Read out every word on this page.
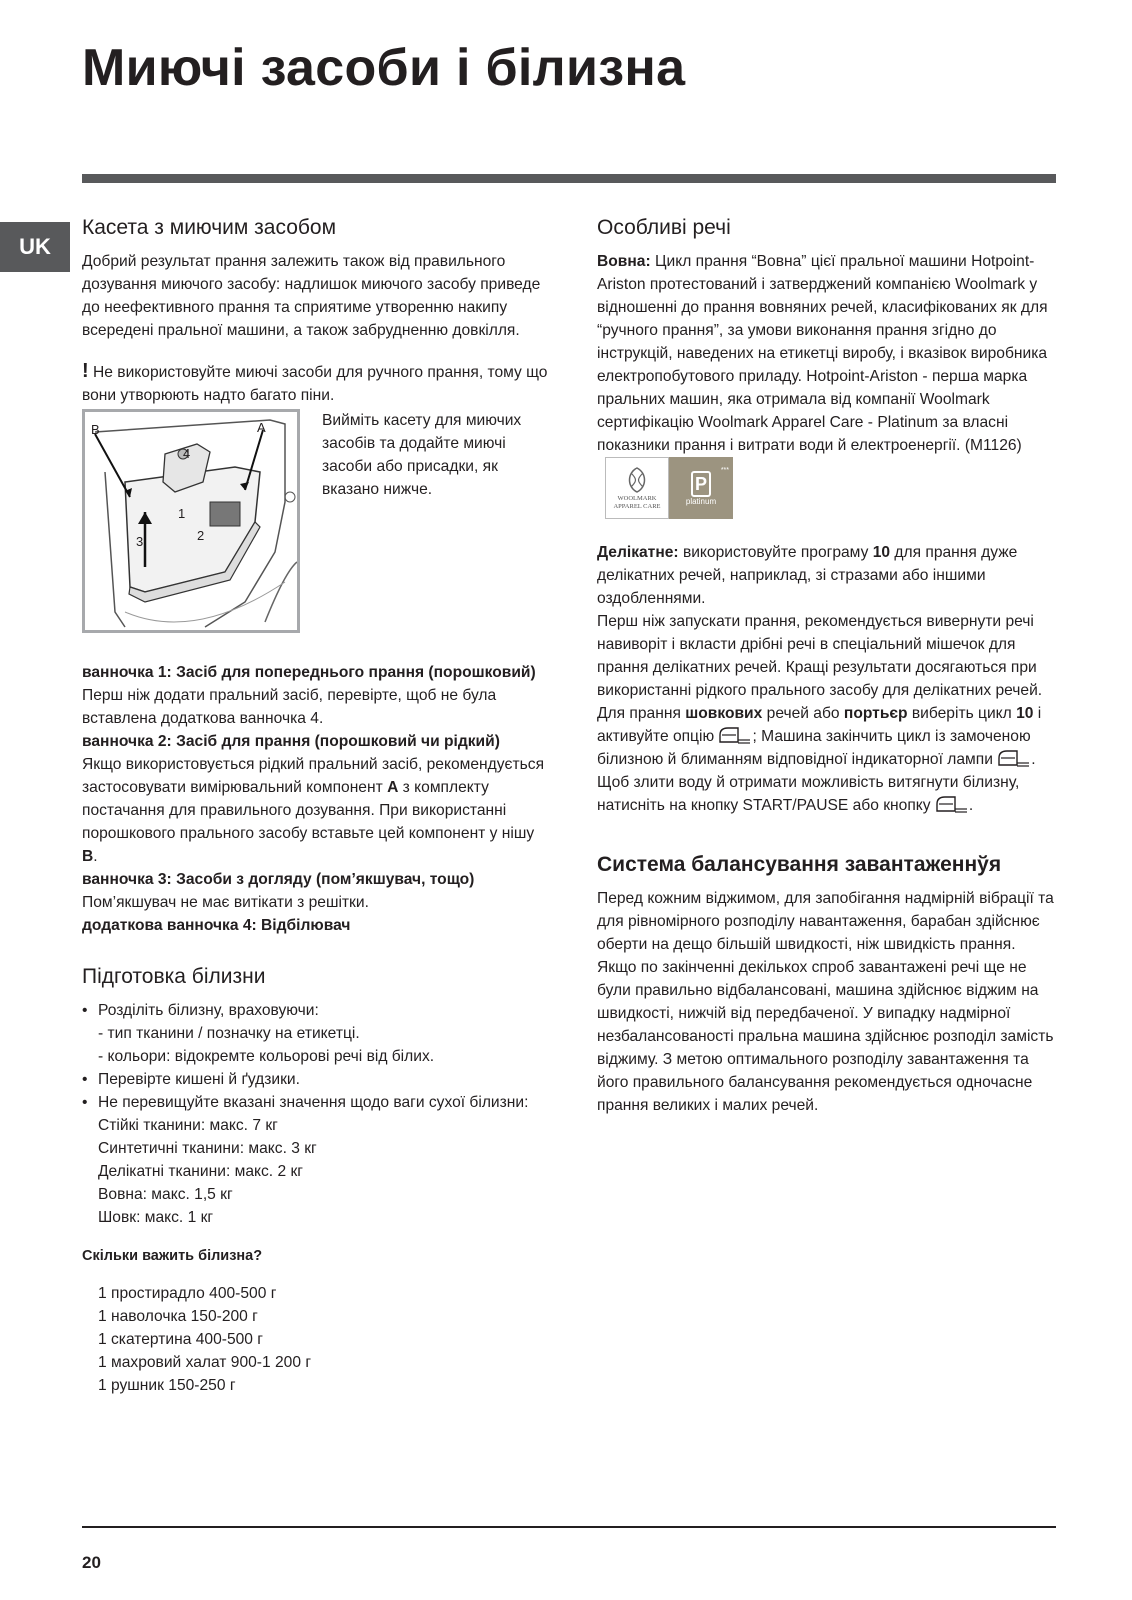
Миючі засоби і білизна
UK
Касета з миючим засобом

Добрий результат прання залежить також від правильного дозування миючого засобу: надлишок миючого засобу приведе до неефективного прання та сприятиме утворенню накипу всередені пральної машини, а також забрудненню довкілля.

! Не використовуйте миючі засоби для ручного прання, тому що вони утворюють надто багато піни.

B	A
4
1
2
3

Вийміть касету для миючих засобів та додайте миючі засоби або присадки, як вказано нижче.

ванночка 1: Засіб для попереднього прання (порошковий)

Перш ніж додати пральний засіб, перевірте, щоб не була вставлена додаткова ванночка 4.

ванночка 2: Засіб для прання (порошковий чи рідкий)

Якщо використовується рідкий пральний засіб, рекомендується застосовувати вимірювальний компонент А з комплекту постачання для правильного дозування. При використанні порошкового прального засобу вставьте цей компонент у нішу B.

ванночка 3: Засоби з догляду (пом’якшувач, тощо)

Пом’якшувач не має витікати з решітки.

додаткова ванночка 4: Відбілювач

Підготовка білизни
• Розділіть білизну, враховуючи:
- тип тканини / позначку на етикетці.
- кольори: відокремте кольорові речі від білих.
• Перевірте кишені й ґудзики.
• Не перевищуйте вказані значення щодо ваги сухої білизни:
Стійкі тканини: макс. 7 кг
Синтетичні тканини: макс. 3 кг
Делікатні тканини: макс. 2 кг
Вовна: макс. 1,5 кг
Шовк: макс. 1 кг

Скільки важить білизна?

1 простирадло 400-500 г
1 наволочка 150-200 г
1 скатертина 400-500 г
1 махровий халат 900-1 200 г
1 рушник 150-250 г
Особливі речі

Вовна: Цикл прання “Вовна” цієї пральної машини Hotpoint-Ariston протестований і затверджений компанією Woolmark у відношенні до прання вовняних речей, класифікованих як для “ручного прання”, за умови виконання прання згідно до інструкцій, наведених на етикетці виробу, і вказівок виробника електропобутового приладу. Hotpoint-Ariston - перша марка пральних машин, яка отримала від компанії Woolmark сертифікацію Woolmark Apparel Care - Platinum за власні показники прання і витрати води й електроенергії. (M1126)
WOOLMARK APPAREL CARE
***
P
platinum

Делікатне: використовуйте програму 10 для прання дуже делікатних речей, наприклад, зі стразами або іншими оздобленнями.

Перш ніж запускати прання, рекомендується вивернути речі навиворіт і вкласти дрібні речі в спеціальний мішечок для прання делікатних речей. Кращі результати досягаються при використанні рідкого прального засобу для делікатних речей.

Для прання шовкових речей або портьєр виберіть цикл 10 і активуйте опцію ; Машина закінчить цикл із замоченою білизною й блиманням відповідної індикаторної лампи . Щоб злити воду й отримати можливість витягнути білизну, натисніть на кнопку START/PAUSE або кнопку .

Система балансування завантаженнўя

Перед кожним віджимом, для запобігання надмірній вібрації та для рівномірного розподілу навантаження, барабан здійснює оберти на дещо більшій швидкості, ніж швидкість прання. Якщо по закінченні декількох спроб завантажені речі ще не були правильно відбалансовані, машина здійснює віджим на швидкості, нижчій від передбаченої. У випадку надмірної незбалансованості пральна машина здійснює розподіл замість віджиму. З метою оптимального розподілу завантаження та його правильного балансування рекомендується одночасне прання великих і малих речей.

20
